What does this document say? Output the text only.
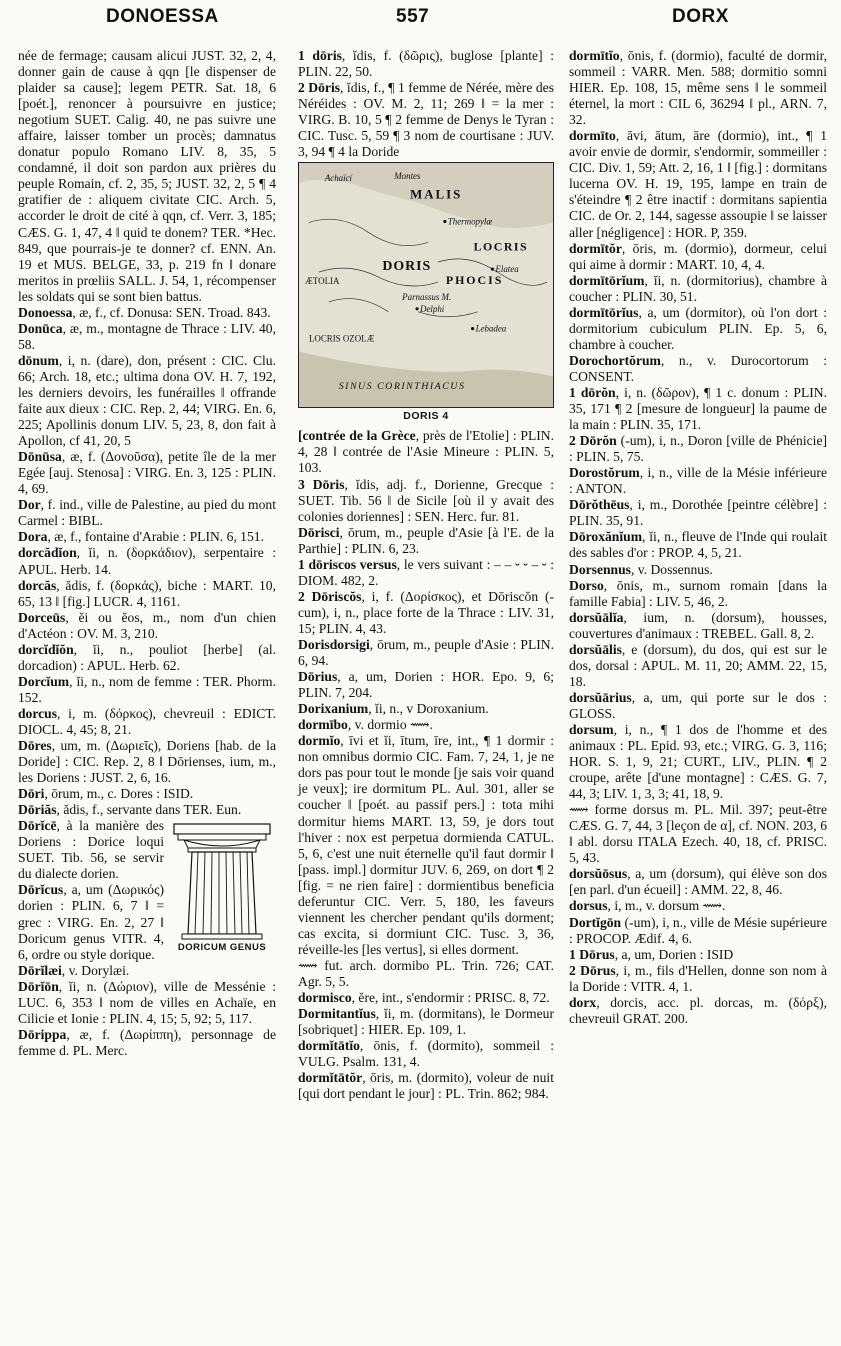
DONOESSA	557	DORX

née de fermage; causam alicui JUST. 32, 2, 4, donner gain de cause à qqn [le dispenser de plaider sa cause]; legem PETR. Sat. 18, 6 [poét.], renoncer à poursuivre en justice; negotium SUET. Calig. 40, ne pas suivre une affaire, laisser tomber un procès; damnatus donatur populo Romano LIV. 8, 35, 5 condamné, il doit son pardon aux prières du peuple Romain, cf. 2, 35, 5; JUST. 32, 2, 5 ¶ 4 gratifier de : aliquem civitate CIC. Arch. 5, accorder le droit de cité à qqn, cf. Verr. 3, 185; CÆS. G. 1, 47, 4 ‖ quid te donem? TER. *Hec. 849, que pourrais-je te donner? cf. ENN. An. 19 et MUS. BELGE, 33, p. 219 fn ‖ donare meritos in prœliis SALL. J. 54, 1, récompenser les soldats qui se sont bien battus.

Donoessa, æ, f., cf. Donusa: SEN. Troad. 843.

Donūca, æ, m., montagne de Thrace : LIV. 40, 58.

dōnum, i, n. (dare), don, présent : CIC. Clu. 66; Arch. 18, etc.; ultima dona OV. H. 7, 192, les derniers devoirs, les funérailles ‖ offrande faite aux dieux : CIC. Rep. 2, 44; VIRG. En. 6, 225; Apollinis donum LIV. 5, 23, 8, don fait à Apollon, cf 41, 20, 5

Dōnūsa, æ, f. (Δονοῦσα), petite île de la mer Egée [auj. Stenosa] : VIRG. En. 3, 125 : PLIN. 4, 69.

Dor, f. ind., ville de Palestine, au pied du mont Carmel : BIBL.

Dora, æ, f., fontaine d'Arabie : PLIN. 6, 151.

dorcădĭon, ĭi, n. (δορκάδιον), serpentaire : APUL. Herb. 14.

dorcăs, ădis, f. (δορκάς), biche : MART. 10, 65, 13 ‖ [fig.] LUCR. 4, 1161.

Dorceūs, ĕi ou ĕos, m., nom d'un chien d'Actéon : OV. M. 3, 210.

dorcĭdĭŏn, ĭi, n., pouliot [herbe] (al. dorcadion) : APUL. Herb. 62.

Dorcĭum, ĭi, n., nom de femme : TER. Phorm. 152.

dorcus, i, m. (δόρκος), chevreuil : EDICT. DIOCL. 4, 45; 8, 21.

Dōres, um, m. (Δωριεῖς), Doriens [hab. de la Doride] : CIC. Rep. 2, 8 ‖ Dōrienses, ium, m., les Doriens : JUST. 2, 6, 16.

Dōri, ōrum, m., c. Dores : ISID.

Dōriăs, ădis, f., servante dans TER. Eun.

DORICUM GENUS

Dōrĭcē, à la manière des Doriens : Dorice loqui SUET. Tib. 56, se servir du dialecte dorien.

Dōrĭcus, a, um (Δωρικός) dorien : PLIN. 6, 7 ‖ = grec : VIRG. En. 2, 27 ‖ Doricum genus VITR. 4, 6, ordre ou style dorique.

Dōrĭlæi, v. Dorylæi.

Dōrĭōn, ĭi, n. (Δώριον), ville de Messénie : LUC. 6, 353 ‖ nom de villes en Achaïe, en Cilicie et Ionie : PLIN. 4, 15; 5, 92; 5, 117.

Dōrippa, æ, f. (Δωρίππη), personnage de femme d. PL. Merc.

1 dōris, ĭdis, f. (δῶρις), buglose [plante] : PLIN. 22, 50.

2 Dōris, ĭdis, f., ¶ 1 femme de Nérée, mère des Néréides : OV. M. 2, 11; 269 ‖ = la mer : VIRG. B. 10, 5 ¶ 2 femme de Denys le Tyran : CIC. Tusc. 5, 59 ¶ 3 nom de courtisane : JUV. 3, 94 ¶ 4 la Doride

Achaïcí	Montes
MALIS
Thermopylæ
LOCRIS
DORIS
Parnassus M.
ÆTOLIA
Elatea
PHOCIS
Delphi
LOCRIS OZOLÆ
Lebadea
SINUS CORINTHIACUS
DORIS 4

[contrée de la Grèce, près de l'Etolie] : PLIN. 4, 28 ‖ contrée de l'Asie Mineure : PLIN. 5, 103.

3 Dōris, ĭdis, adj. f., Dorienne, Grecque : SUET. Tib. 56 ‖ de Sicile [où il y avait des colonies doriennes] : SEN. Herc. fur. 81.

Dōrisci, ōrum, m., peuple d'Asie [à l'E. de la Parthie] : PLIN. 6, 23.

1 dōriscos versus, le vers suivant : – – ⏑ ⏑ – ⏑ : DIOM. 482, 2.

2 Dōriscŏs, i, f. (Δορίσκος), et Dōriscŏn (-cum), i, n., place forte de la Thrace : LIV. 31, 15; PLIN. 4, 43.

Dorisdorsigi, ōrum, m., peuple d'Asie : PLIN. 6, 94.

Dōrius, a, um, Dorien : HOR. Epo. 9, 6; PLIN. 7, 204.

Dorixanium, ĭi, n., v Doroxanium.

dormībo, v. dormio ⟿.

dormĭo, īvi et ĭi, ītum, īre, int., ¶ 1 dormir : non omnibus dormio CIC. Fam. 7, 24, 1, je ne dors pas pour tout le monde [je sais voir quand je veux]; ire dormitum PL. Aul. 301, aller se coucher ‖ [poét. au passif pers.] : tota mihi dormitur hiems MART. 13, 59, je dors tout l'hiver : nox est perpetua dormienda CATUL. 5, 6, c'est une nuit éternelle qu'il faut dormir ‖ [pass. impl.] dormitur JUV. 6, 269, on dort ¶ 2 [fig. = ne rien faire] : dormientibus beneficia deferuntur CIC. Verr. 5, 180, les faveurs viennent les chercher pendant qu'ils dorment; cas excita, si dormiunt CIC. Tusc. 3, 36, réveille-les [les vertus], si elles dorment.

⟿ fut. arch. dormibo PL. Trin. 726; CAT. Agr. 5, 5.

dormisco, ĕre, int., s'endormir : PRISC. 8, 72.

Dormitantĭus, ĭi, m. (dormitans), le Dormeur [sobriquet] : HIER. Ep. 109, 1.

dormĭtātĭo, ōnis, f. (dormito), sommeil : VULG. Psalm. 131, 4.

dormĭtātŏr, ōris, m. (dormito), voleur de nuit [qui dort pendant le jour] : PL. Trin. 862; 984.

dormītĭo, ōnis, f. (dormio), faculté de dormir, sommeil : VARR. Men. 588; dormitio somni HIER. Ep. 108, 15, même sens ‖ le sommeil éternel, la mort : CIL 6, 36294 ‖ pl., ARN. 7, 32.

dormīto, āvi, ātum, āre (dormio), int., ¶ 1 avoir envie de dormir, s'endormir, sommeiller : CIC. Div. 1, 59; Att. 2, 16, 1 ‖ [fig.] : dormitans lucerna OV. H. 19, 195, lampe en train de s'éteindre ¶ 2 être inactif : dormitans sapientia CIC. de Or. 2, 144, sagesse assoupie ‖ se laisser aller [négligence] : HOR. P, 359.

dormītŏr, ōris, m. (dormio), dormeur, celui qui aime à dormir : MART. 10, 4, 4.

dormītōrĭum, ĭi, n. (dormitorius), chambre à coucher : PLIN. 30, 51.

dormītōrĭus, a, um (dormitor), où l'on dort : dormitorium cubiculum PLIN. Ep. 5, 6, chambre à coucher.

Dorochortŏrum, n., v. Durocortorum : CONSENT.

1 dōrŏn, i, n. (δῶρον), ¶ 1 c. donum : PLIN. 35, 171 ¶ 2 [mesure de longueur] la paume de la main : PLIN. 35, 171.

2 Dōrŏn (-um), i, n., Doron [ville de Phénicie] : PLIN. 5, 75.

Dorostŏrum, i, n., ville de la Mésie inférieure : ANTON.

Dōrŏthēus, i, m., Dorothée [peintre célèbre] : PLIN. 35, 91.

Dōroxănĭum, ĭi, n., fleuve de l'Inde qui roulait des sables d'or : PROP. 4, 5, 21.

Dorsennus, v. Dossennus.

Dorso, ōnis, m., surnom romain [dans la famille Fabia] : LIV. 5, 46, 2.

dorsŭālĭa, ium, n. (dorsum), housses, couvertures d'animaux : TREBEL. Gall. 8, 2.

dorsŭālis, e (dorsum), du dos, qui est sur le dos, dorsal : APUL. M. 11, 20; AMM. 22, 15, 18.

dorsŭārius, a, um, qui porte sur le dos : GLOSS.

dorsum, i, n., ¶ 1 dos de l'homme et des animaux : PL. Epid. 93, etc.; VIRG. G. 3, 116; HOR. S. 1, 9, 21; CURT., LIV., PLIN. ¶ 2 croupe, arête [d'une montagne] : CÆS. G. 7, 44, 3; LIV. 1, 3, 3; 41, 18, 9.

⟿ forme dorsus m. PL. Mil. 397; peut-être CÆS. G. 7, 44, 3 [leçon de α], cf. NON. 203, 6 ‖ abl. dorsu ITALA Ezech. 40, 18, cf. PRISC. 5, 43.

dorsŭōsus, a, um (dorsum), qui élève son dos [en parl. d'un écueil] : AMM. 22, 8, 46.

dorsus, i, m., v. dorsum ⟿.

Dortĭgōn (-um), i, n., ville de Mésie supérieure : PROCOP. Ædif. 4, 6.

1 Dōrus, a, um, Dorien : ISID

2 Dōrus, i, m., fils d'Hellen, donne son nom à la Doride : VITR. 4, 1.

dorx, dorcis, acc. pl. dorcas, m. (δόρξ), chevreuil GRAT. 200.
